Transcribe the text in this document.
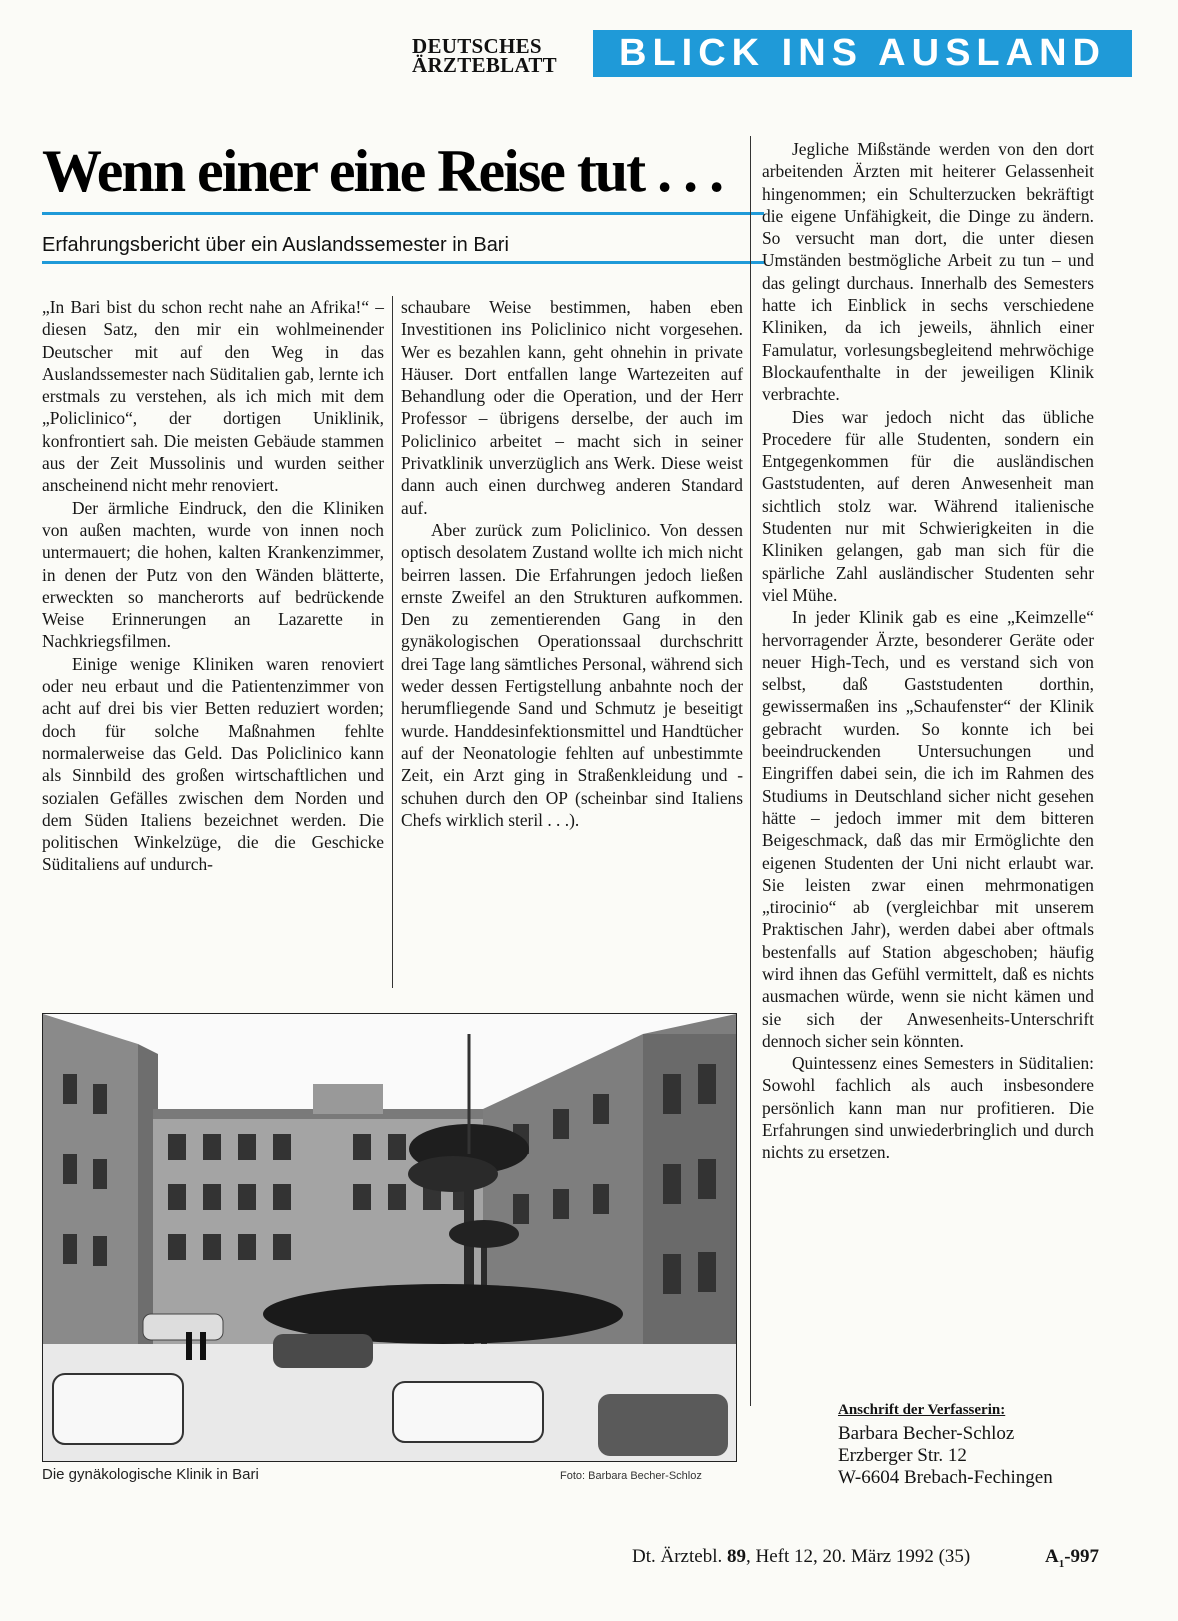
DEUTSCHES
ÄRZTEBLATT	BLICK INS AUSLAND
Wenn einer eine Reise tut . . .
Erfahrungsbericht über ein Auslandssemester in Bari

„In Bari bist du schon recht nahe an Afrika!“ – diesen Satz, den mir ein wohlmeinender Deutscher mit auf den Weg in das Auslandssemester nach Süditalien gab, lernte ich erstmals zu verstehen, als ich mich mit dem „Policlinico“, der dortigen Uniklinik, konfrontiert sah. Die meisten Gebäude stammen aus der Zeit Mussolinis und wurden seither anscheinend nicht mehr renoviert.

Der ärmliche Eindruck, den die Kliniken von außen machten, wurde von innen noch untermauert; die hohen, kalten Krankenzimmer, in denen der Putz von den Wänden blätterte, erweckten so mancherorts auf bedrückende Weise Erinnerungen an Lazarette in Nachkriegsfilmen.

Einige wenige Kliniken waren renoviert oder neu erbaut und die Patientenzimmer von acht auf drei bis vier Betten reduziert worden; doch für solche Maßnahmen fehlte normalerweise das Geld. Das Policlinico kann als Sinnbild des großen wirtschaftlichen und sozialen Gefälles zwischen dem Norden und dem Süden Italiens bezeichnet werden. Die politischen Winkelzüge, die die Geschicke Süditaliens auf undurch-

schaubare Weise bestimmen, haben eben Investitionen ins Policlinico nicht vorgesehen. Wer es bezahlen kann, geht ohnehin in private Häuser. Dort entfallen lange Wartezeiten auf Behandlung oder die Operation, und der Herr Professor – übrigens derselbe, der auch im Policlinico arbeitet – macht sich in seiner Privatklinik unverzüglich ans Werk. Diese weist dann auch einen durchweg anderen Standard auf.

Aber zurück zum Policlinico. Von dessen optisch desolatem Zustand wollte ich mich nicht beirren lassen. Die Erfahrungen jedoch ließen ernste Zweifel an den Strukturen aufkommen. Den zu zementierenden Gang in den gynäkologischen Operationssaal durchschritt drei Tage lang sämtliches Personal, während sich weder dessen Fertigstellung anbahnte noch der herumfliegende Sand und Schmutz je beseitigt wurde. Handdesinfektionsmittel und Handtücher auf der Neonatologie fehlten auf unbestimmte Zeit, ein Arzt ging in Straßenkleidung und -schuhen durch den OP (scheinbar sind Italiens Chefs wirklich steril . . .).

Jegliche Mißstände werden von den dort arbeitenden Ärzten mit heiterer Gelassenheit hingenommen; ein Schulterzucken bekräftigt die eigene Unfähigkeit, die Dinge zu ändern. So versucht man dort, die unter diesen Umständen bestmögliche Arbeit zu tun – und das gelingt durchaus. Innerhalb des Semesters hatte ich Einblick in sechs verschiedene Kliniken, da ich jeweils, ähnlich einer Famulatur, vorlesungsbegleitend mehrwöchige Blockaufenthalte in der jeweiligen Klinik verbrachte.

Dies war jedoch nicht das übliche Procedere für alle Studenten, sondern ein Entgegenkommen für die ausländischen Gaststudenten, auf deren Anwesenheit man sichtlich stolz war. Während italienische Studenten nur mit Schwierigkeiten in die Kliniken gelangen, gab man sich für die spärliche Zahl ausländischer Studenten sehr viel Mühe.

In jeder Klinik gab es eine „Keimzelle“ hervorragender Ärzte, besonderer Geräte oder neuer High-Tech, und es verstand sich von selbst, daß Gaststudenten dorthin, gewissermaßen ins „Schaufenster“ der Klinik gebracht wurden. So konnte ich bei beeindruckenden Untersuchungen und Eingriffen dabei sein, die ich im Rahmen des Studiums in Deutschland sicher nicht gesehen hätte – jedoch immer mit dem bitteren Beigeschmack, daß das mir Ermöglichte den eigenen Studenten der Uni nicht erlaubt war. Sie leisten zwar einen mehrmonatigen „tirocinio“ ab (vergleichbar mit unserem Praktischen Jahr), werden dabei aber oftmals bestenfalls auf Station abgeschoben; häufig wird ihnen das Gefühl vermittelt, daß es nichts ausmachen würde, wenn sie nicht kämen und sie sich der Anwesenheits-Unterschrift dennoch sicher sein könnten.

Quintessenz eines Semesters in Süditalien: Sowohl fachlich als auch insbesondere persönlich kann man nur profitieren. Die Erfahrungen sind unwiederbringlich und durch nichts zu ersetzen.

Die gynäkologische Klinik in Bari	Foto: Barbara Becher-Schloz
Anschrift der Verfasserin:
Barbara Becher-Schloz
Erzberger Str. 12
W-6604 Brebach-Fechingen
Dt. Ärztebl. 89, Heft 12, 20. März 1992 (35)	$A_1-997$
